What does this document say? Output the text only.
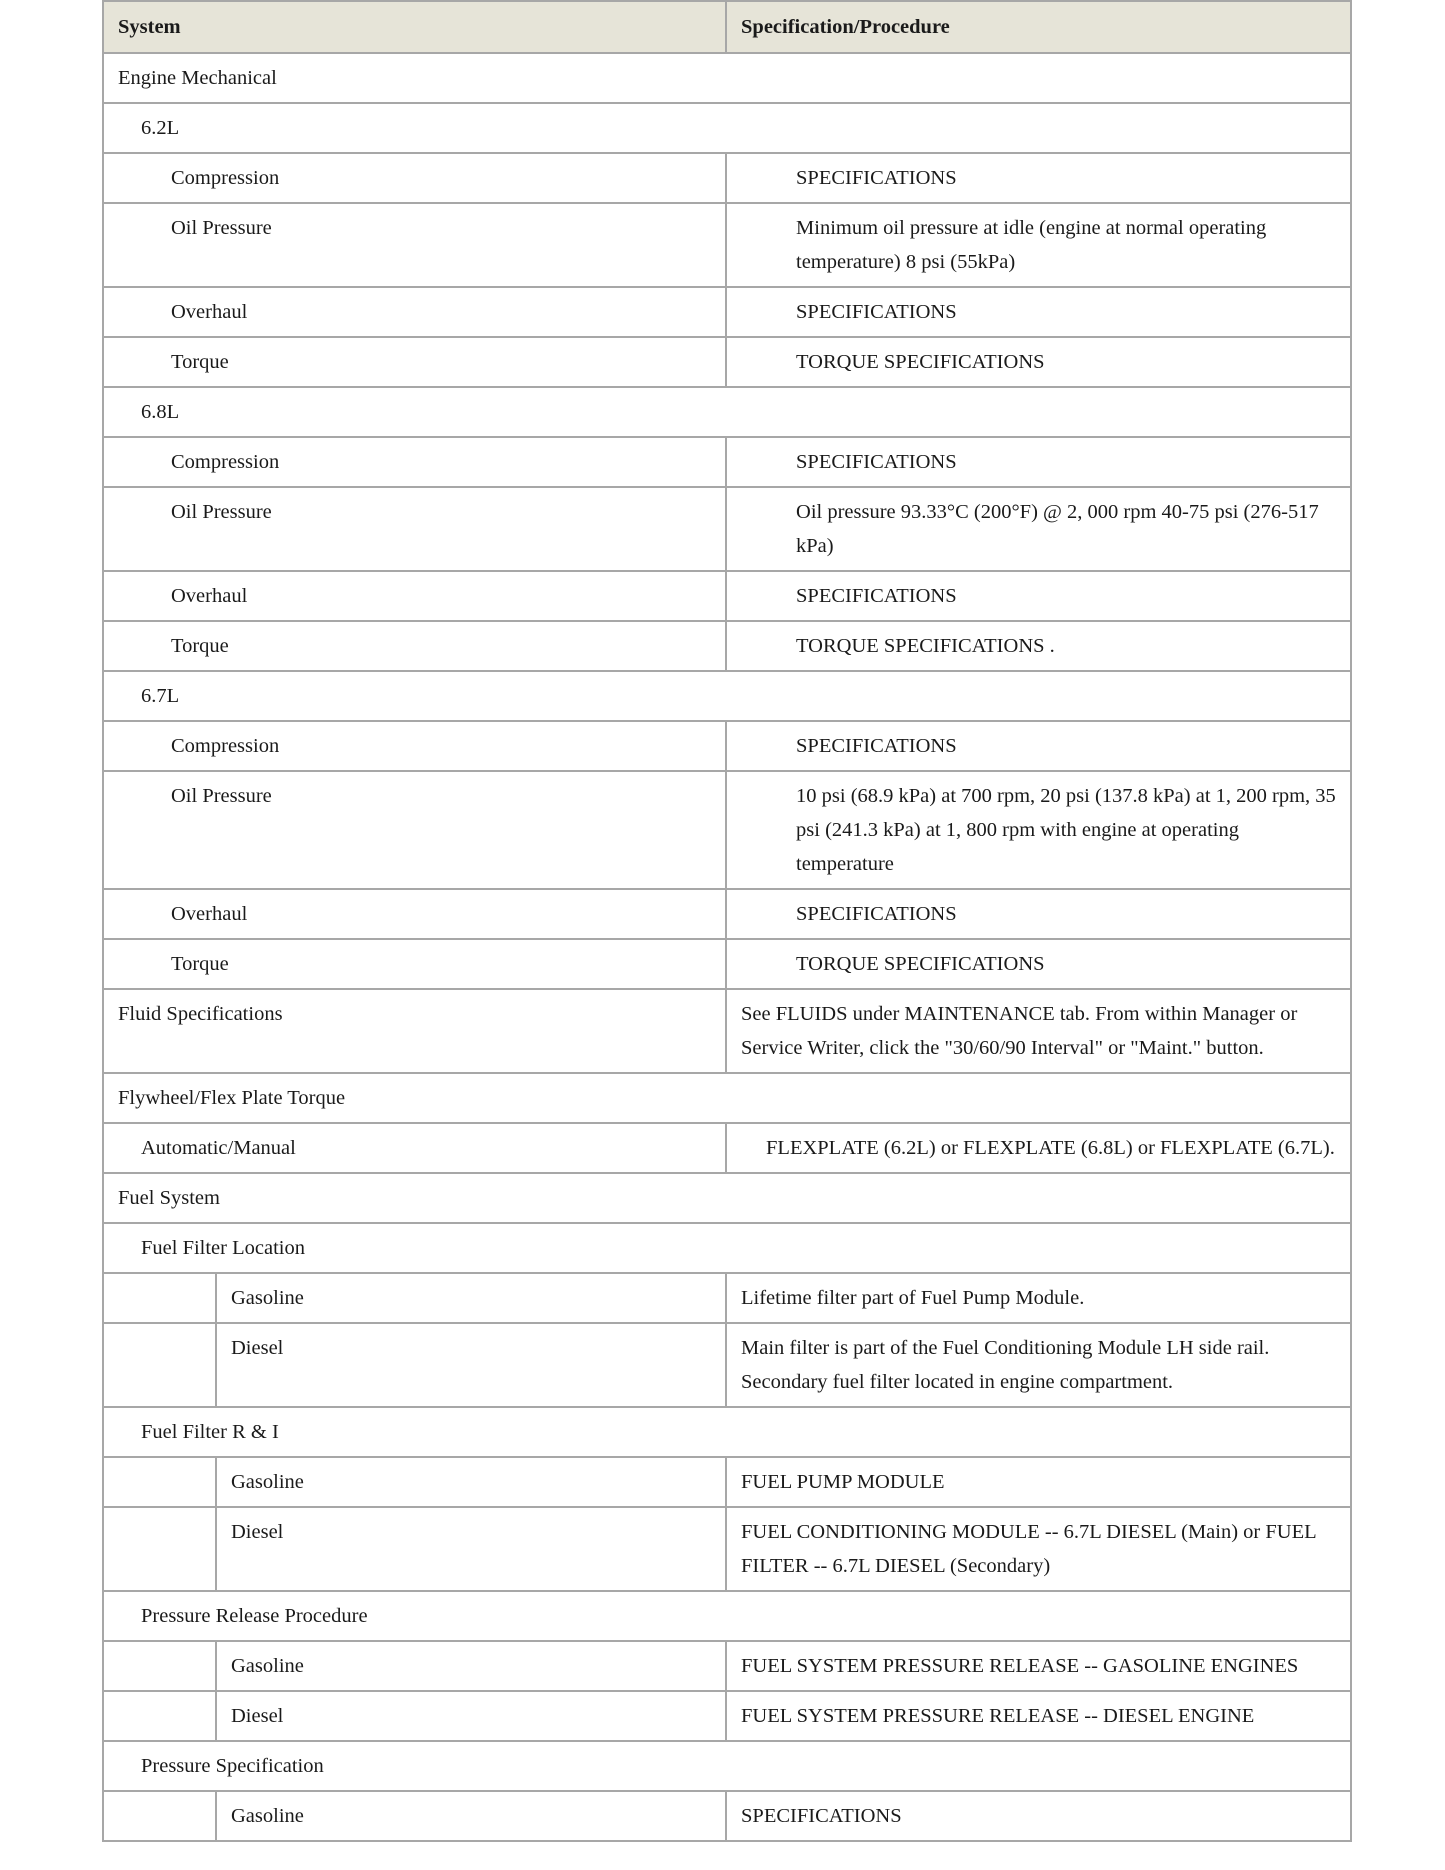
System		Specification/Procedure
Engine Mechanical		
6.2L		
Compression		SPECIFICATIONS
Oil Pressure		Minimum oil pressure at idle (engine at normal operating temperature) 8 psi (55kPa)
Overhaul		SPECIFICATIONS
Torque		TORQUE SPECIFICATIONS
6.8L		
Compression		SPECIFICATIONS
Oil Pressure		Oil pressure 93.33°C (200°F) @ 2, 000 rpm 40-75 psi (276-517 kPa)
Overhaul		SPECIFICATIONS
Torque		TORQUE SPECIFICATIONS .
6.7L		
Compression		SPECIFICATIONS
Oil Pressure		10 psi (68.9 kPa) at 700 rpm, 20 psi (137.8 kPa) at 1, 200 rpm, 35 psi (241.3 kPa) at 1, 800 rpm with engine at operating temperature
Overhaul		SPECIFICATIONS
Torque		TORQUE SPECIFICATIONS
Fluid Specifications		See FLUIDS under MAINTENANCE tab. From within Manager or Service Writer, click the "30/60/90 Interval" or "Maint." button.
Flywheel/Flex Plate Torque		
Automatic/Manual		FLEXPLATE (6.2L) or FLEXPLATE (6.8L) or FLEXPLATE (6.7L).
Fuel System		
Fuel Filter Location		
	Gasoline	Lifetime filter part of Fuel Pump Module.
	Diesel	Main filter is part of the Fuel Conditioning Module LH side rail. Secondary fuel filter located in engine compartment.
Fuel Filter R & I		
	Gasoline	FUEL PUMP MODULE
	Diesel	FUEL CONDITIONING MODULE -- 6.7L DIESEL (Main) or FUEL FILTER -- 6.7L DIESEL (Secondary)
Pressure Release Procedure		
	Gasoline	FUEL SYSTEM PRESSURE RELEASE -- GASOLINE ENGINES
	Diesel	FUEL SYSTEM PRESSURE RELEASE -- DIESEL ENGINE
Pressure Specification		
	Gasoline	SPECIFICATIONS
